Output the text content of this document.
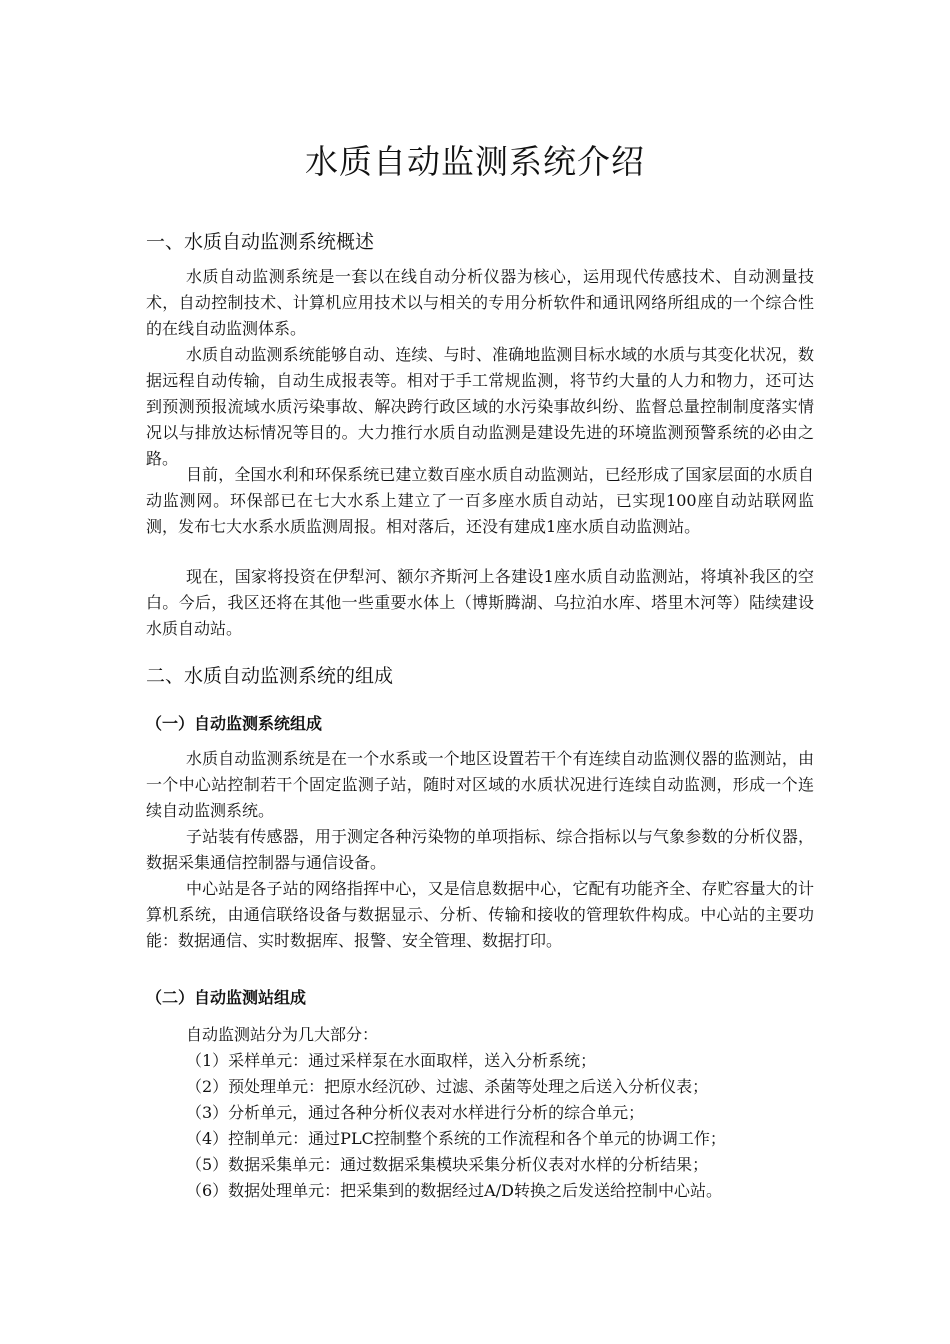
水质自动监测系统介绍
一、水质自动监测系统概述

水质自动监测系统是一套以在线自动分析仪器为核心，运用现代传感技术、自动测量技术，自动控制技术、计算机应用技术以与相关的专用分析软件和通讯网络所组成的一个综合性的在线自动监测体系。

水质自动监测系统能够自动、连续、与时、准确地监测目标水域的水质与其变化状况，数据远程自动传输，自动生成报表等。相对于手工常规监测，将节约大量的人力和物力，还可达到预测预报流域水质污染事故、解决跨行政区域的水污染事故纠纷、监督总量控制制度落实情况以与排放达标情况等目的。大力推行水质自动监测是建设先进的环境监测预警系统的必由之路。

目前，全国水利和环保系统已建立数百座水质自动监测站，已经形成了国家层面的水质自动监测网。环保部已在七大水系上建立了一百多座水质自动站，已实现100座自动站联网监测，发布七大水系水质监测周报。相对落后，还没有建成1座水质自动监测站。

现在，国家将投资在伊犁河、额尔齐斯河上各建设1座水质自动监测站，将填补我区的空白。今后，我区还将在其他一些重要水体上（博斯腾湖、乌拉泊水库、塔里木河等）陆续建设水质自动站。

二、水质自动监测系统的组成
（一）自动监测系统组成

水质自动监测系统是在一个水系或一个地区设置若干个有连续自动监测仪器的监测站，由一个中心站控制若干个固定监测子站，随时对区域的水质状况进行连续自动监测，形成一个连续自动监测系统。

子站装有传感器，用于测定各种污染物的单项指标、综合指标以与气象参数的分析仪器，数据采集通信控制器与通信设备。

中心站是各子站的网络指挥中心，又是信息数据中心，它配有功能齐全、存贮容量大的计算机系统，由通信联络设备与数据显示、分析、传输和接收的管理软件构成。中心站的主要功能：数据通信、实时数据库、报警、安全管理、数据打印。

（二）自动监测站组成

自动监测站分为几大部分：

（1）采样单元：通过采样泵在水面取样，送入分析系统；

（2）预处理单元：把原水经沉砂、过滤、杀菌等处理之后送入分析仪表；

（3）分析单元，通过各种分析仪表对水样进行分析的综合单元；

（4）控制单元：通过PLC控制整个系统的工作流程和各个单元的协调工作；

（5）数据采集单元：通过数据采集模块采集分析仪表对水样的分析结果；

（6）数据处理单元：把采集到的数据经过A/D转换之后发送给控制中心站。
